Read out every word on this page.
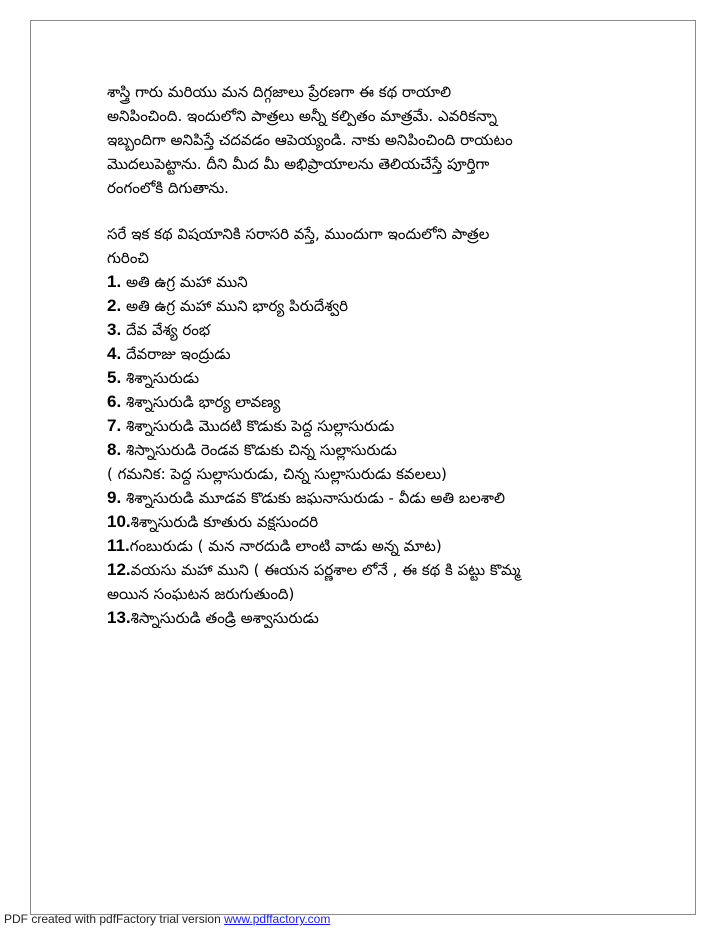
శాస్త్రి గారు మరియు మన దిగ్గజాలు ప్రేరణగా ఈ కథ రాయాలి
అనిపించింది. ఇందులోని పాత్రలు అన్నీ కల్పితం మాత్రమే. ఎవరికన్నా
ఇబ్బందిగా అనిపిస్తే చదవడం ఆపెయ్యండి. నాకు అనిపించింది రాయటం
మొదలుపెట్టాను. దీని మీద మీ అభిప్రాయాలను తెలియచేస్తే పూర్తిగా
రంగంలోకి దిగుతాను.
సరే ఇక కథ విషయానికి సరాసరి వస్తే, ముందుగా ఇందులోని పాత్రల
గురించి
1. అతి ఉగ్ర మహా ముని
2. అతి ఉగ్ర మహా ముని భార్య పిరుదేశ్వరి
3. దేవ వేశ్య రంభ
4. దేవరాజు ఇంద్రుడు
5. శిశ్నాసురుడు
6. శిశ్నాసురుడి భార్య లావణ్య
7. శిశ్నాసురుడి మొదటి కొడుకు పెద్ద సుల్లాసురుడు
8. శిస్నాసురుడి రెండవ కొడుకు చిన్న సుల్లాసురుడు
( గమనిక: పెద్ద సుల్లాసురుడు, చిన్న సుల్లాసురుడు కవలలు)
9. శిశ్నాసురుడి మూడవ కొడుకు జఘనాసురుడు - వీడు అతి బలశాలి
10.శిశ్నాసురుడి కూతురు వక్షసుందరి
11.గంబురుడు ( మన నారదుడి లాంటి వాడు అన్న మాట)
12.వయసు మహా ముని ( ఈయన పర్ణశాల లోనే , ఈ కథ కి పట్టు కొమ్మ
అయిన సంఘటన జరుగుతుంది)
13.శిస్నాసురుడి తండ్రి అశ్వాసురుడు
PDF created with pdfFactory trial version www.pdffactory.com
